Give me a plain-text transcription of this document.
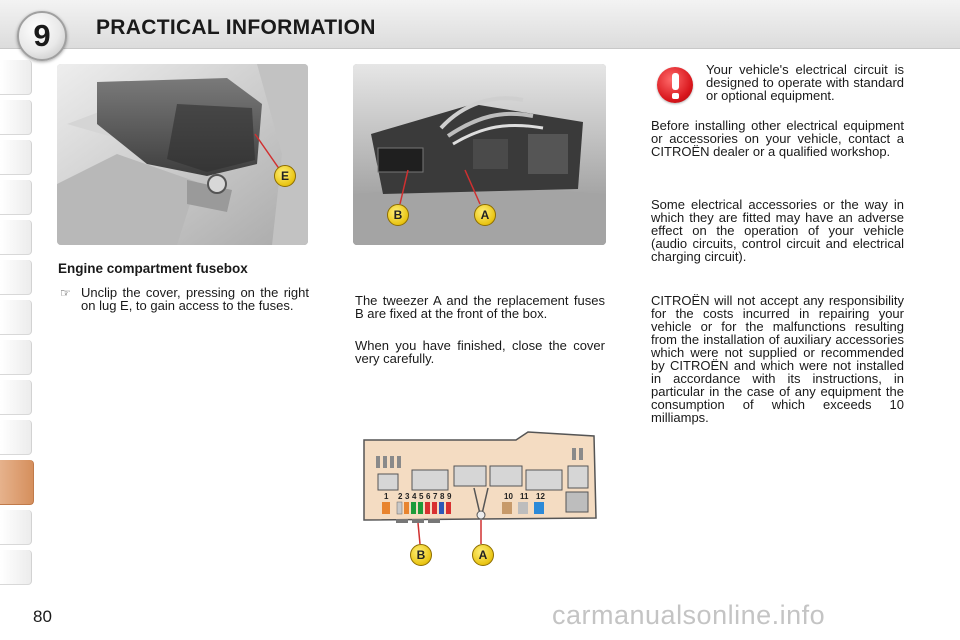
9	PRACTICAL INFORMATION
E
B	A
Engine compartment fusebox
☞ Unclip the cover, pressing on the right on lug E, to gain access to the fuses.	The tweezer A and the replacement fuses B are fixed at the front of the box.
When you have finished, close the cover very carefully.
1 2 3 4 5 6 7 8 9	10 11 12
B	A
Your vehicle's electrical circuit is designed to operate with standard or optional equipment.
Before installing other electrical equipment or accessories on your vehicle, contact a CITROËN dealer or a qualified workshop.
Some electrical accessories or the way in which they are fitted may have an adverse effect on the operation of your vehicle (audio circuits, control circuit and electrical charging circuit).
CITROËN will not accept any responsibility for the costs incurred in repairing your vehicle or for the malfunctions resulting from the installation of auxiliary accessories which were not supplied or recommended by CITROËN and which were not installed in accordance with its instructions, in particular in the case of any equipment the consumption of which exceeds 10 milliamps.
80	carmanualsonline.info
